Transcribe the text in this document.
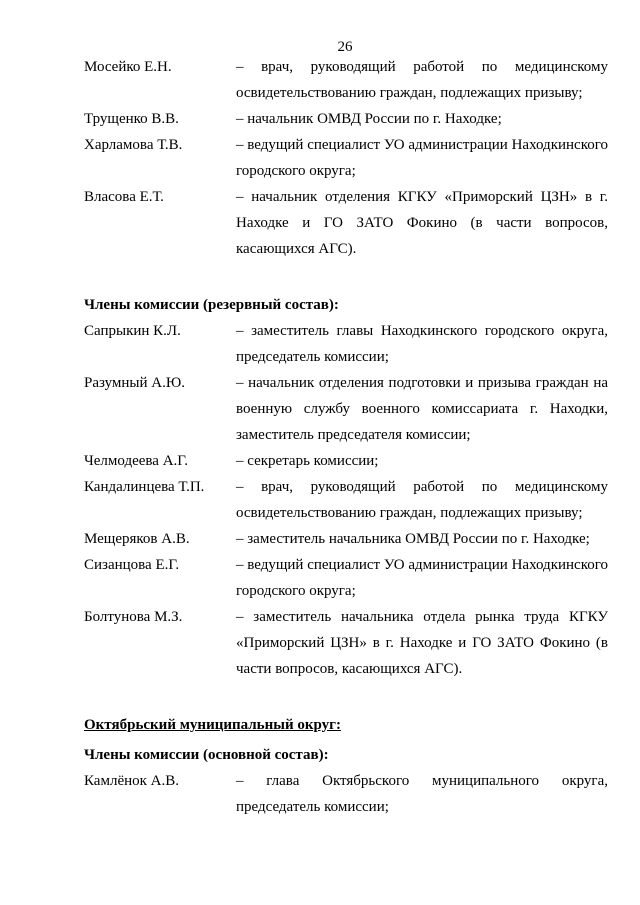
26
Мосейко Е.Н.	– врач, руководящий работой по медицинскому освидетельствованию граждан, подлежащих призыву;
Трущенко В.В.	– начальник ОМВД России по г. Находке;
Харламова Т.В.	– ведущий специалист УО администрации Находкинского городского округа;
Власова Е.Т.	– начальник отделения КГКУ «Приморский ЦЗН» в г. Находке и ГО ЗАТО Фокино (в части вопросов, касающихся АГС).
Члены комиссии (резервный состав):
Сапрыкин К.Л.	– заместитель главы Находкинского городского округа, председатель комиссии;
Разумный А.Ю.	– начальник отделения подготовки и призыва граждан на военную службу военного комиссариата г. Находки, заместитель председателя комиссии;
Челмодеева А.Г.	– секретарь комиссии;
Кандалинцева Т.П.	– врач, руководящий работой по медицинскому освидетельствованию граждан, подлежащих призыву;
Мещеряков А.В.	– заместитель начальника ОМВД России по г. Находке;
Сизанцова Е.Г.	– ведущий специалист УО администрации Находкинского городского округа;
Болтунова М.З.	– заместитель начальника отдела рынка труда КГКУ «Приморский ЦЗН» в г. Находке и ГО ЗАТО Фокино (в части вопросов, касающихся АГС).
Октябрьский муниципальный округ:
Члены комиссии (основной состав):
Камлёнок А.В.	– глава Октябрьского муниципального округа, председатель комиссии;
